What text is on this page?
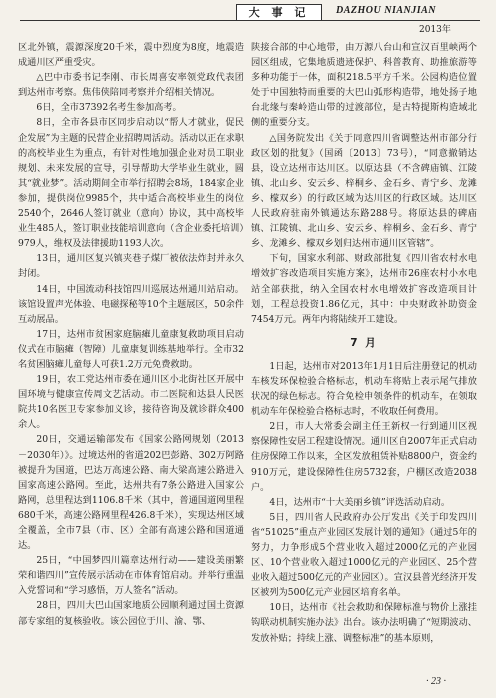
大 事 记	DAZHOU NIANJIAN
2013年

区北外镇，震源深度20千米，震中烈度为8度，地震造成通川区严重受灾。

△巴中市委书记李刚、市长周喜安率领党政代表团到达州市考察。焦伟侠陪同考察并介绍相关情况。

6日，全市37392名考生参加高考。

8日，全市各县市区同步启动以“帮人才就业，促民企发展”为主题的民营企业招聘周活动。活动以正在求职的高校毕业生为重点，有针对性地加强企业对员工职业规划、未来发展的宣导，引导帮助大学毕业生就业，圆其“就业梦”。活动期间全市举行招聘会8场，184家企业参加，提供岗位9985个，共中适合高校毕业生的岗位2540个，2646人签订就业（意向）协议，其中高校毕业生485人，签订职业技能培训意向（含企业委托培训）979人，维权及法律援助1193人次。

13日，通川区复兴镇夹巷子煤厂被依法炸封并永久封闭。

14日，中国流动科技馆四川巡展达州通川站启动。该馆设置声光体验、电磁探秘等10个主题展区，50余件互动展品。

17日，达州市贫困家庭脑瘫儿童康复救助项目启动仪式在市脑瘫（智障）儿童康复训练基地举行。全市32名贫困脑瘫儿童每人可获1.2万元免费救助。

19日，农工党达州市委在通川区小北街社区开展中国环境与健康宣传周文艺活动。市二医院和达县人民医院共10名医卫专家参加义诊，接待咨询及就诊群众400余人。

20日，交通运输部发布《国家公路网规划（2013－2030年）》。过境达州的省道202巴彭路、302万阿路被提升为国道，巴达万高速公路、南大梁高速公路进入国家高速公路网。至此，达州共有7条公路进入国家公路网，总里程达到1106.8千米（其中，普通国道网里程680千米，高速公路网里程426.8千米），实现达州区域全覆盖，全市7县（市、区）全部有高速公路和国道通达。

25日，“中国梦四川篇章达州行动——建设美丽繁荣和谐四川”宣传展示活动在市体育馆启动。并举行重温入党誓词和“学习感悟，万人签名”活动。

28日，四川大巴山国家地质公园顺利通过国土资源部专家组的复核验收。该公园位于川、渝、鄂、

陕接合部的中心地带，由万源八台山和宣汉百里峡两个园区组成，它集地质遗迹保护、科普教育、助推旅游等多种功能于一体，面积218.5平方千米。公园构造位置处于中国独特而重要的大巴山弧形构造带，地处扬子地台北缘与秦岭造山带的过渡部位，是古特提斯构造域北侧的重要分支。

△国务院发出《关于同意四川省调整达州市部分行政区划的批复》（国函〔2013〕73号），“同意撤销达县，设立达州市达川区。以原达县（不含碑庙镇、江陵镇、北山乡、安云乡、梓桐乡、金石乡、青宁乡、龙滩乡、檬双乡）的行政区域为达川区的行政区域。达川区人民政府驻南外镇通达东路288号。将原达县的碑庙镇、江陵镇、北山乡、安云乡、梓桐乡、金石乡、青宁乡、龙滩乡、檬双乡划归达州市通川区管辖”。

下旬，国家水利部、财政部批复《四川省农村水电增效扩容改造项目实施方案》，达州市26座农村小水电站全部获批，纳入全国农村水电增效扩容改造项目计划，工程总投资1.86亿元，其中：中央财政补助资金7454万元。两年内将陆续开工建设。

7 月

1日起，达州市对2013年1月1日后注册登记的机动车核发环保检验合格标志，机动车将贴上表示尾气排放状况的绿色标志。符合免检申领条件的机动车，在领取机动车年保检验合格标志时，不收取任何费用。

2日，市人大常委会副主任王新权一行到通川区视察保障性安居工程建设情况。通川区自2007年正式启动住房保障工作以来，全区发放租赁补贴8800户，资金约910万元，建设保障性住房5732套，户棚区改造2038户。

4日，达州市“十大美丽乡镇”评选活动启动。

5日，四川省人民政府办公厅发出《关于印发四川省“51025”重点产业园区发展计划的通知》（通过5年的努力，力争形成5个营业收入超过2000亿元的产业园区、10个营业收入超过1000亿元的产业园区、25个营业收入超过500亿元的产业园区）。宣汉县普光经济开发区被列为500亿元产业园区培育名单。

10日，达州市《社会救助和保障标准与物价上涨挂钩联动机制实施办法》出台。该办法明确了“短期波动、发放补贴；持续上涨、调整标准”的基本原则，

· 23 ·
